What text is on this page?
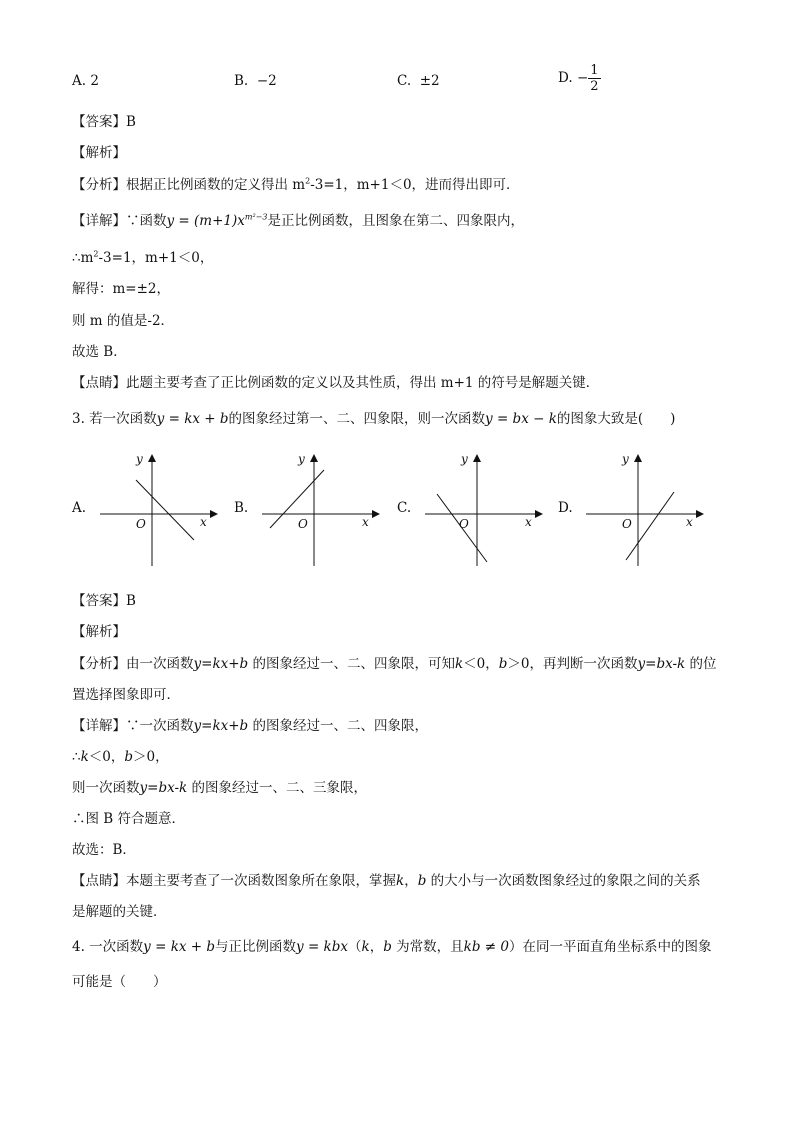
A. 2	B. −2	C. ±2	D. − $\frac{1}{2}$
【答案】B
【解析】
【分析】根据正比例函数的定义得出 $m^2-3=1$，m+1＜0，进而得出即可．
【详解】∵函数$y = (m+1)x^{m^2-3}$是正比例函数，且图象在第二、四象限内，
$\therefore m^2-3=1$，m+1＜0，
解得：m=±2，
则 m 的值是-2．
故选 B．
【点睛】此题主要考查了正比例函数的定义以及其性质，得出 m+1 的符号是解题关键．
3. 若一次函数y = kx + b的图象经过第一、二、四象限，则一次函数y = bx − k的图象大致是(　　)
A.
y
O	x
B.
y
O	x
C.
y
O	x
D.
y
O	x
【答案】B
【解析】
【分析】由一次函数y=kx+b 的图象经过一、二、四象限，可知k＜0，b＞0，再判断一次函数y=bx-k 的位
置选择图象即可．
【详解】∵一次函数y=kx+b 的图象经过一、二、四象限，
∴k＜0，b＞0，
则一次函数y=bx-k 的图象经过一、二、三象限，
∴图 B 符合题意．
故选：B．
【点睛】本题主要考查了一次函数图象所在象限，掌握k，b 的大小与一次函数图象经过的象限之间的关系
是解题的关键．
4. 一次函数y = kx + b与正比例函数y = kbx（k，b 为常数，且kb ≠ 0）在同一平面直角坐标系中的图象
可能是（　　）
